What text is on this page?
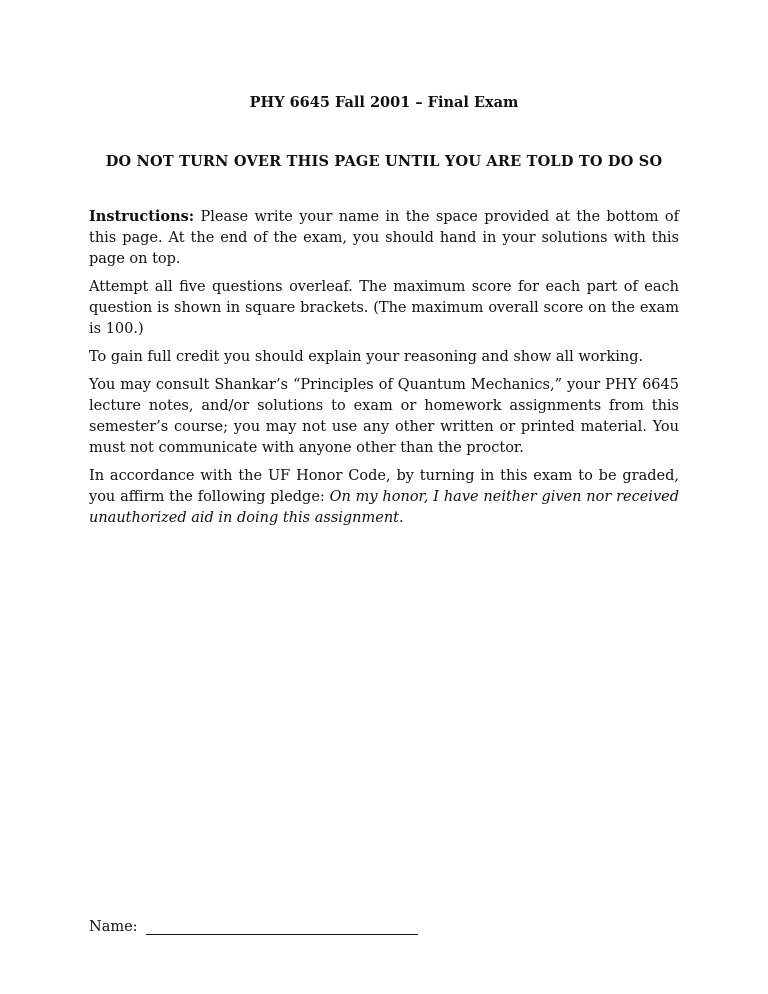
PHY 6645 Fall 2001 – Final Exam
DO NOT TURN OVER THIS PAGE UNTIL YOU ARE TOLD TO DO SO

Instructions: Please write your name in the space provided at the bottom of this page. At the end of the exam, you should hand in your solutions with this page on top.

Attempt all five questions overleaf. The maximum score for each part of each question is shown in square brackets. (The maximum overall score on the exam is 100.)

To gain full credit you should explain your reasoning and show all working.

You may consult Shankar’s “Principles of Quantum Mechanics,” your PHY 6645 lecture notes, and/or solutions to exam or homework assignments from this semester’s course; you may not use any other written or printed material. You must not communicate with anyone other than the proctor.

In accordance with the UF Honor Code, by turning in this exam to be graded, you affirm the following pledge: On my honor, I have neither given nor received unauthorized aid in doing this assignment.

Name:
